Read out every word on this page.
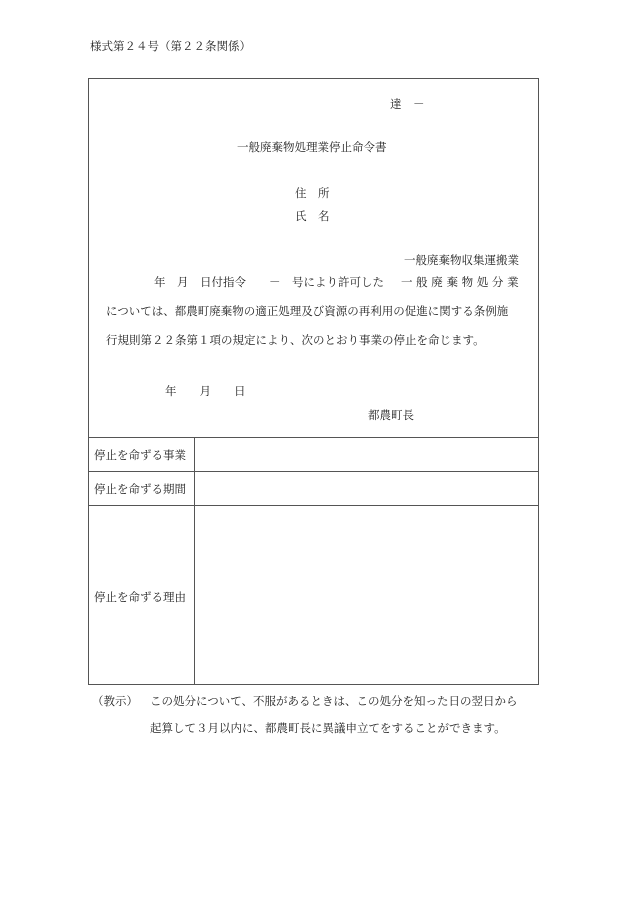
様式第２４号（第２２条関係）
達　－
一般廃棄物処理業停止命令書
住　所
氏　名
一般廃棄物収集運搬業
年　月　日付指令　　－　号により許可した 一 般 廃 棄 物 処 分 業
については、都農町廃棄物の適正処理及び資源の再利用の促進に関する条例施
行規則第２２条第１項の規定により、次のとおり事業の停止を命じます。
年　　月　　日
都農町長
停止を命ずる事業
停止を命ずる期間
停止を命ずる理由
（教示） この処分について、不服があるときは、この処分を知った日の翌日から
起算して３月以内に、都農町長に異議申立てをすることができます。
